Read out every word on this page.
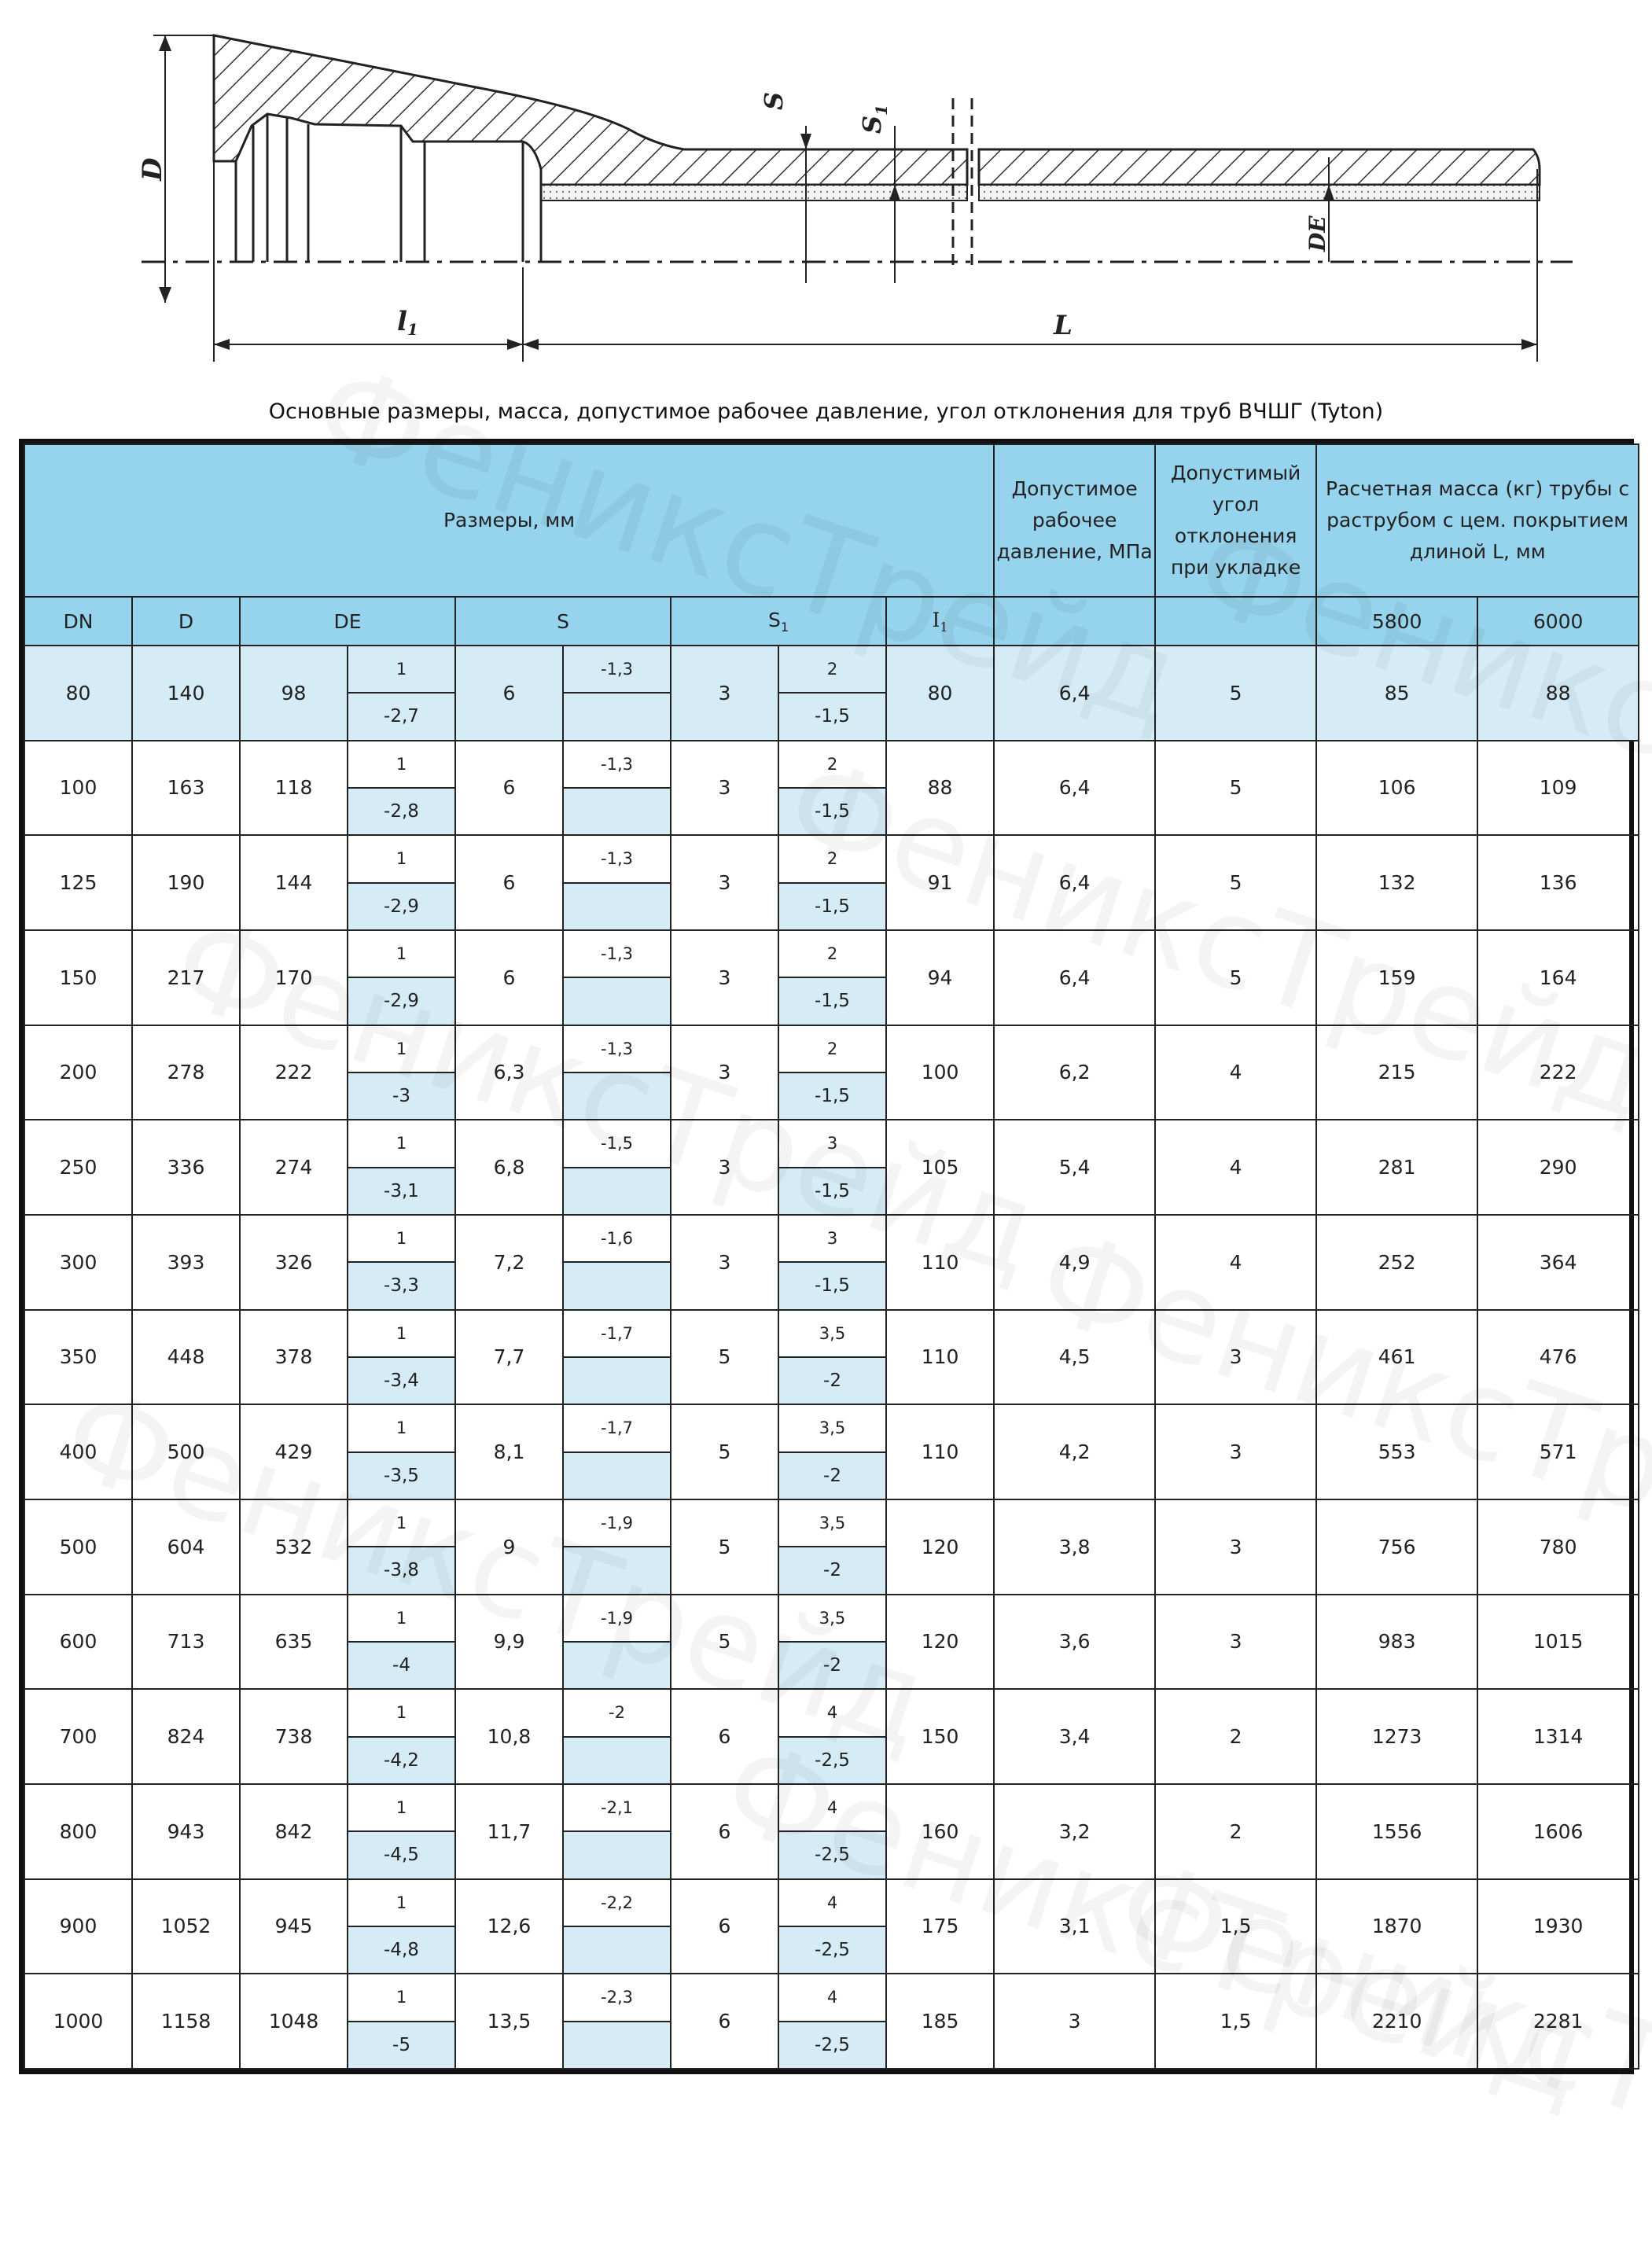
D
S
$S_1$
DE
l1	L
Основные размеры, масса, допустимое рабочее давление, угол отклонения для труб ВЧШГ (Tyton)
Размеры, мм									Допустимое рабочее давление, МПа	Допустимый угол отклонения при укладке	Расчетная масса (кг) трубы с раструбом с цем. покрытием длиной L, мм	
DN	D	DE		S		$S_1$		$I_1$			5800	6000
80	140	98	1	6	-1,3	3	2	80	6,4	5	85	88
			-2,7				-1,5					
100	163	118	1	6	-1,3	3	2	88	6,4	5	106	109
			-2,8				-1,5					
125	190	144	1	6	-1,3	3	2	91	6,4	5	132	136
			-2,9				-1,5					
150	217	170	1	6	-1,3	3	2	94	6,4	5	159	164
			-2,9				-1,5					
200	278	222	1	6,3	-1,3	3	2	100	6,2	4	215	222
			-3				-1,5					
250	336	274	1	6,8	-1,5	3	3	105	5,4	4	281	290
			-3,1				-1,5					
300	393	326	1	7,2	-1,6	3	3	110	4,9	4	252	364
			-3,3				-1,5					
350	448	378	1	7,7	-1,7	5	3,5	110	4,5	3	461	476
			-3,4				-2					
400	500	429	1	8,1	-1,7	5	3,5	110	4,2	3	553	571
			-3,5				-2					
500	604	532	1	9	-1,9	5	3,5	120	3,8	3	756	780
			-3,8				-2					
600	713	635	1	9,9	-1,9	5	3,5	120	3,6	3	983	1015
			-4				-2					
700	824	738	1	10,8	-2	6	4	150	3,4	2	1273	1314
			-4,2				-2,5					
800	943	842	1	11,7	-2,1	6	4	160	3,2	2	1556	1606
			-4,5				-2,5					
900	1052	945	1	12,6	-2,2	6	4	175	3,1	1,5	1870	1930
			-4,8				-2,5					
1000	1158	1048	1	13,5	-2,3	6	4	185	3	1,5	2210	2281
			-5				-2,5					
